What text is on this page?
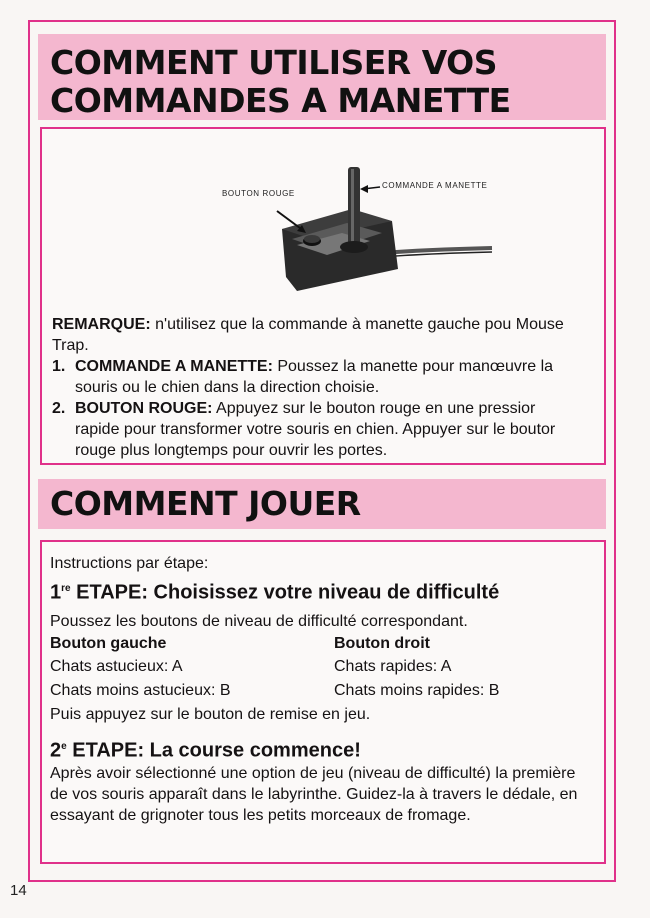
COMMENT UTILISER VOS
COMMANDES A MANETTE
BOUTON ROUGE
COMMANDE A MANETTE

REMARQUE: n'utilisez que la commande à manette gauche pou Mouse Trap.

1. COMMANDE A MANETTE: Poussez la manette pour manœuvre la souris ou le chien dans la direction choisie.
2. BOUTON ROUGE: Appuyez sur le bouton rouge en une pressior rapide pour transformer votre souris en chien. Appuyer sur le boutor rouge plus longtemps pour ouvrir les portes.
COMMENT JOUER
Instructions par étape:
1re ETAPE: Choisissez votre niveau de difficulté
Poussez les boutons de niveau de difficulté correspondant.
Bouton gauche
Chats astucieux: A
Chats moins astucieux: B
Bouton droit
Chats rapides: A
Chats moins rapides: B
Puis appuyez sur le bouton de remise en jeu.
2e ETAPE: La course commence!
Après avoir sélectionné une option de jeu (niveau de difficulté) la première de vos souris apparaît dans le labyrinthe. Guidez-la à travers le dédale, en essayant de grignoter tous les petits morceaux de fromage.
14
